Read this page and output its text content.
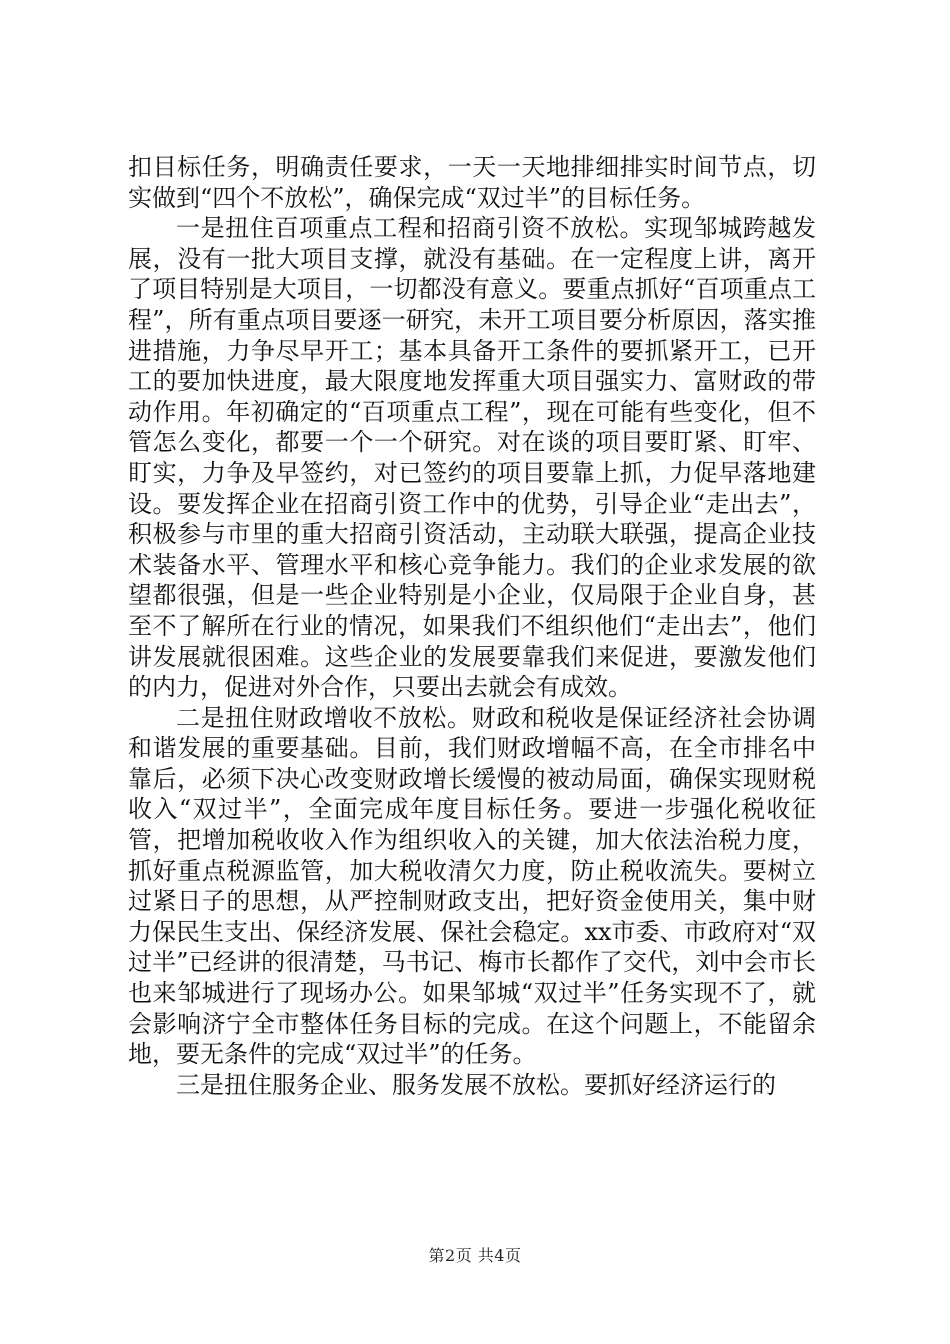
扣目标任务，明确责任要求，一天一天地排细排实时间节点，切实做到“四个不放松”，确保完成“双过半”的目标任务。

一是扭住百项重点工程和招商引资不放松。实现邹城跨越发展，没有一批大项目支撑，就没有基础。在一定程度上讲，离开了项目特别是大项目，一切都没有意义。要重点抓好“百项重点工程”，所有重点项目要逐一研究，未开工项目要分析原因，落实推进措施，力争尽早开工；基本具备开工条件的要抓紧开工，已开工的要加快进度，最大限度地发挥重大项目强实力、富财政的带动作用。年初确定的“百项重点工程”，现在可能有些变化，但不管怎么变化，都要一个一个研究。对在谈的项目要盯紧、盯牢、盯实，力争及早签约，对已签约的项目要靠上抓，力促早落地建设。要发挥企业在招商引资工作中的优势，引导企业“走出去”，积极参与市里的重大招商引资活动，主动联大联强，提高企业技术装备水平、管理水平和核心竞争能力。我们的企业求发展的欲望都很强，但是一些企业特别是小企业，仅局限于企业自身，甚至不了解所在行业的情况，如果我们不组织他们“走出去”，他们讲发展就很困难。这些企业的发展要靠我们来促进，要激发他们的内力，促进对外合作，只要出去就会有成效。

二是扭住财政增收不放松。财政和税收是保证经济社会协调和谐发展的重要基础。目前，我们财政增幅不高，在全市排名中靠后，必须下决心改变财政增长缓慢的被动局面，确保实现财税收入“双过半”，全面完成年度目标任务。要进一步强化税收征管，把增加税收收入作为组织收入的关键，加大依法治税力度，抓好重点税源监管，加大税收清欠力度，防止税收流失。要树立过紧日子的思想，从严控制财政支出，把好资金使用关，集中财力保民生支出、保经济发展、保社会稳定。xx市委、市政府对“双过半”已经讲的很清楚，马书记、梅市长都作了交代，刘中会市长也来邹城进行了现场办公。如果邹城“双过半”任务实现不了，就会影响济宁全市整体任务目标的完成。在这个问题上，不能留余地，要无条件的完成“双过半”的任务。

三是扭住服务企业、服务发展不放松。要抓好经济运行的

第2页 共4页
